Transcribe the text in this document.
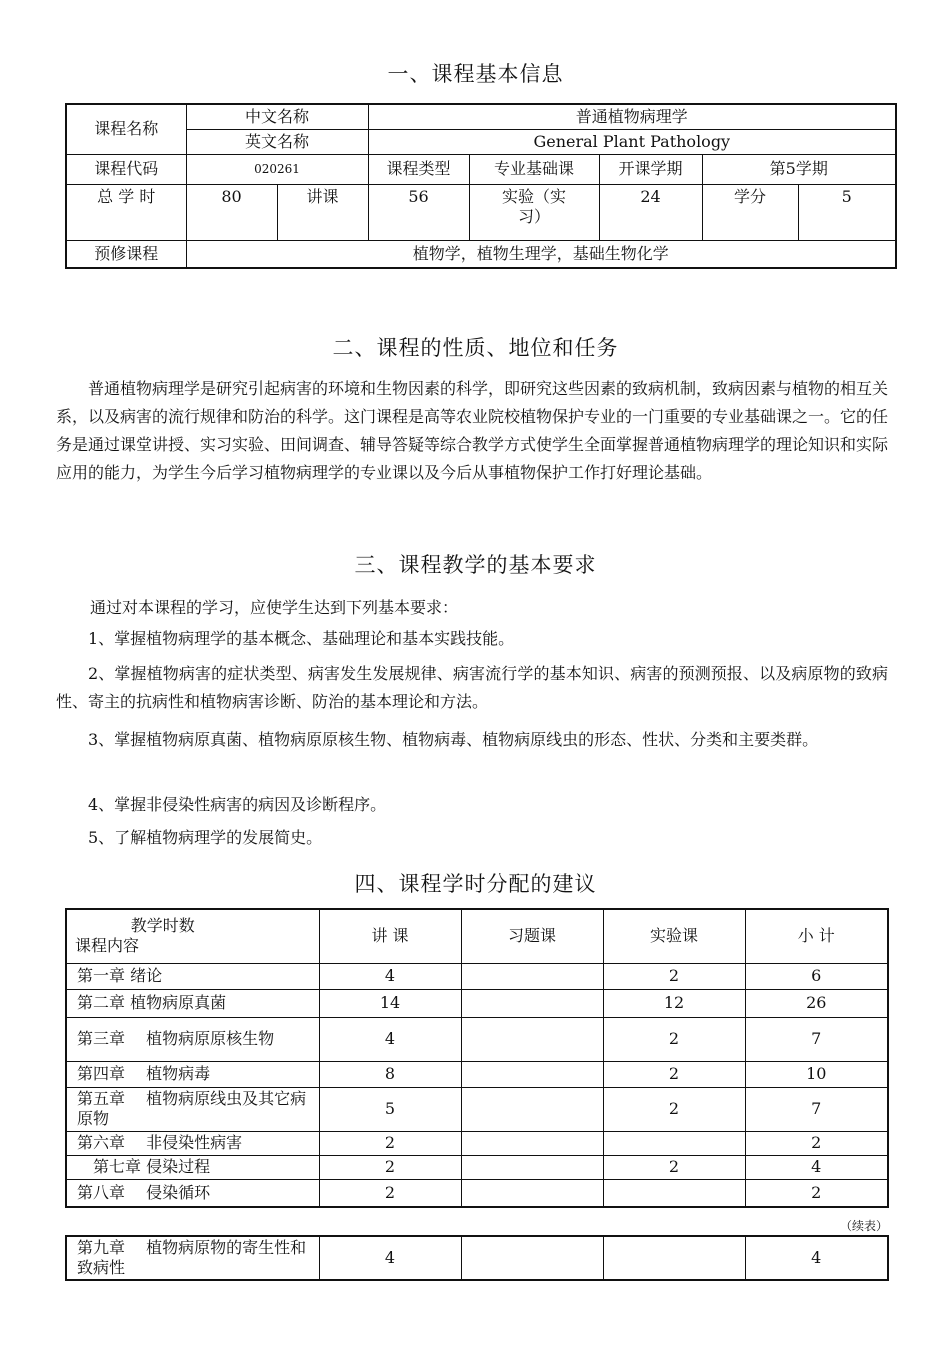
一、课程基本信息
课程名称	中文名称		普通植物病理学				
	英文名称		General Plant Pathology				
课程代码	020261		课程类型	专业基础课	开课学期	第5学期	
总 学 时	80	讲课	56	实验（实习）	24	学分	5
预修课程	植物学，植物生理学，基础生物化学						
二、课程的性质、地位和任务
普通植物病理学是研究引起病害的环境和生物因素的科学，即研究这些因素的致病机制，致病因素与植物的相互关系，以及病害的流行规律和防治的科学。这门课程是高等农业院校植物保护专业的一门重要的专业基础课之一。它的任务是通过课堂讲授、实习实验、田间调查、辅导答疑等综合教学方式使学生全面掌握普通植物病理学的理论知识和实际应用的能力，为学生今后学习植物病理学的专业课以及今后从事植物保护工作打好理论基础。
三、课程教学的基本要求
通过对本课程的学习，应使学生达到下列基本要求：
1、掌握植物病理学的基本概念、基础理论和基本实践技能。
2、掌握植物病害的症状类型、病害发生发展规律、病害流行学的基本知识、病害的预测预报、以及病原物的致病性、寄主的抗病性和植物病害诊断、防治的基本理论和方法。
3、掌握植物病原真菌、植物病原原核生物、植物病毒、植物病原线虫的形态、性状、分类和主要类群。
4、掌握非侵染性病害的病因及诊断程序。
5、了解植物病理学的发展简史。
四、课程学时分配的建议
教学时数
课程内容	讲 课	习题课	实验课	小 计
第一章 绪论	4		2	6
第二章 植物病原真菌	14		12	26
第三章　 植物病原原核生物	4		2	7
第四章　 植物病毒	8		2	10
第五章　 植物病原线虫及其它病原物	5		2	7
第六章　 非侵染性病害	2			2
　第七章 侵染过程	2		2	4
第八章　 侵染循环	2			2
（续表）
第九章　 植物病原物的寄生性和致病性	4			4
